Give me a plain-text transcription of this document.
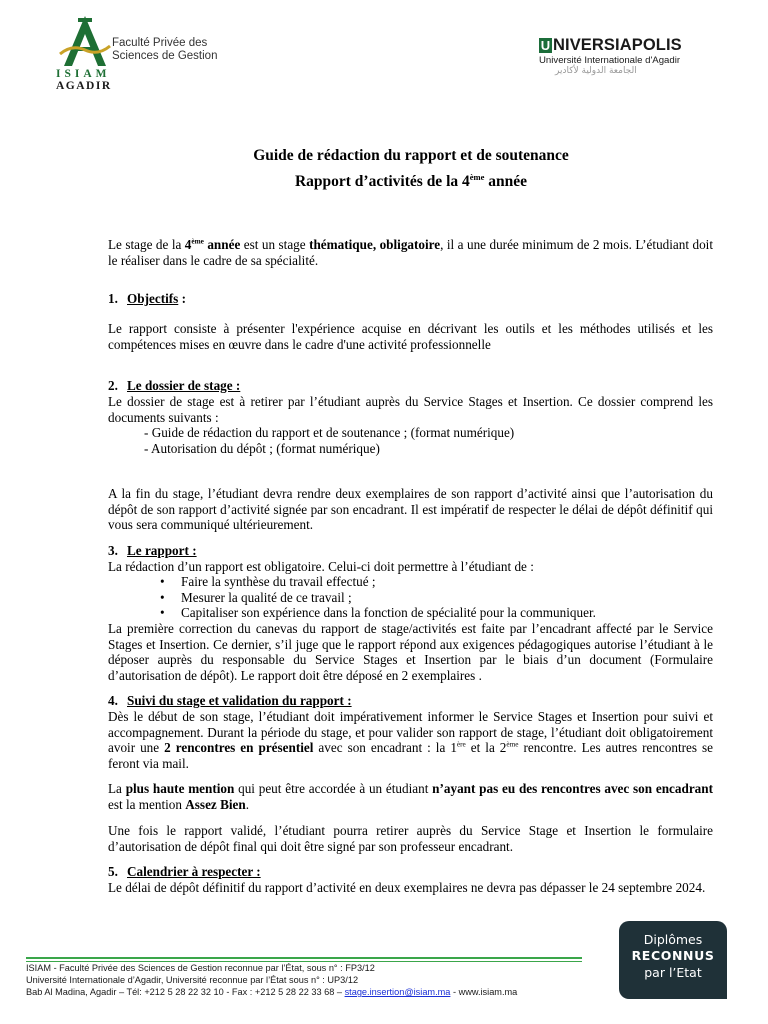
Faculté Privée des
Sciences de Gestion
ISIAM
AGADIR
U NIVERSIAPOLIS
Université Internationale d'Agadir
الجامعة الدولية لأكادير
Guide de rédaction du rapport et de soutenance
Rapport d’activités de la 4ème année
Le stage de la 4ème année est un stage thématique, obligatoire, il a une durée minimum de 2 mois. L’étudiant doit le réaliser dans le cadre de sa spécialité.
1. Objectifs :
Le rapport consiste à présenter l'expérience acquise en décrivant les outils et les méthodes utilisés et les compétences mises en œuvre dans le cadre d'une activité professionnelle
2. Le dossier de stage :
Le dossier de stage est à retirer par l’étudiant auprès du Service Stages et Insertion. Ce dossier comprend les documents suivants :
- Guide de rédaction du rapport et de soutenance ; (format numérique)
- Autorisation du dépôt ; (format numérique)
A la fin du stage, l’étudiant devra rendre deux exemplaires de son rapport d’activité ainsi que l’autorisation du dépôt de son rapport d’activité signée par son encadrant. Il est impératif de respecter le délai de dépôt définitif qui vous sera communiqué ultérieurement.
3. Le rapport :
La rédaction d’un rapport est obligatoire. Celui-ci doit permettre à l’étudiant de :
• Faire la synthèse du travail effectué ;
• Mesurer la qualité de ce travail ;
• Capitaliser son expérience dans la fonction de spécialité pour la communiquer.
La première correction du canevas du rapport de stage/activités est faite par l’encadrant affecté par le Service Stages et Insertion. Ce dernier, s’il juge que le rapport répond aux exigences pédagogiques autorise l’étudiant à le déposer auprès du responsable du Service Stages et Insertion par le biais d’un document (Formulaire d’autorisation de dépôt). Le rapport doit être déposé en 2 exemplaires .
4. Suivi du stage et validation du rapport :
Dès le début de son stage, l’étudiant doit impérativement informer le Service Stages et Insertion pour suivi et accompagnement. Durant la période du stage, et pour valider son rapport de stage, l’étudiant doit obligatoirement avoir une 2 rencontres en présentiel avec son encadrant : la 1ère et la 2ème rencontre. Les autres rencontres se feront via mail.
La plus haute mention qui peut être accordée à un étudiant n’ayant pas eu des rencontres avec son encadrant est la mention Assez Bien.
Une fois le rapport validé, l’étudiant pourra retirer auprès du Service Stage et Insertion le formulaire d’autorisation de dépôt final qui doit être signé par son professeur encadrant.
5. Calendrier à respecter :
Le délai de dépôt définitif du rapport d’activité en deux exemplaires ne devra pas dépasser le 24 septembre 2024.
ISIAM - Faculté Privée des Sciences de Gestion reconnue par l’État, sous n° : FP3/12
Université Internationale d’Agadir, Université reconnue par l’État sous n° : UP3/12
Bab Al Madina, Agadir – Tél: +212 5 28 22 32 10 - Fax : +212 5 28 22 33 68 – stage.insertion@isiam.ma - www.isiam.ma
Diplômes
RECONNUS
par l’Etat
